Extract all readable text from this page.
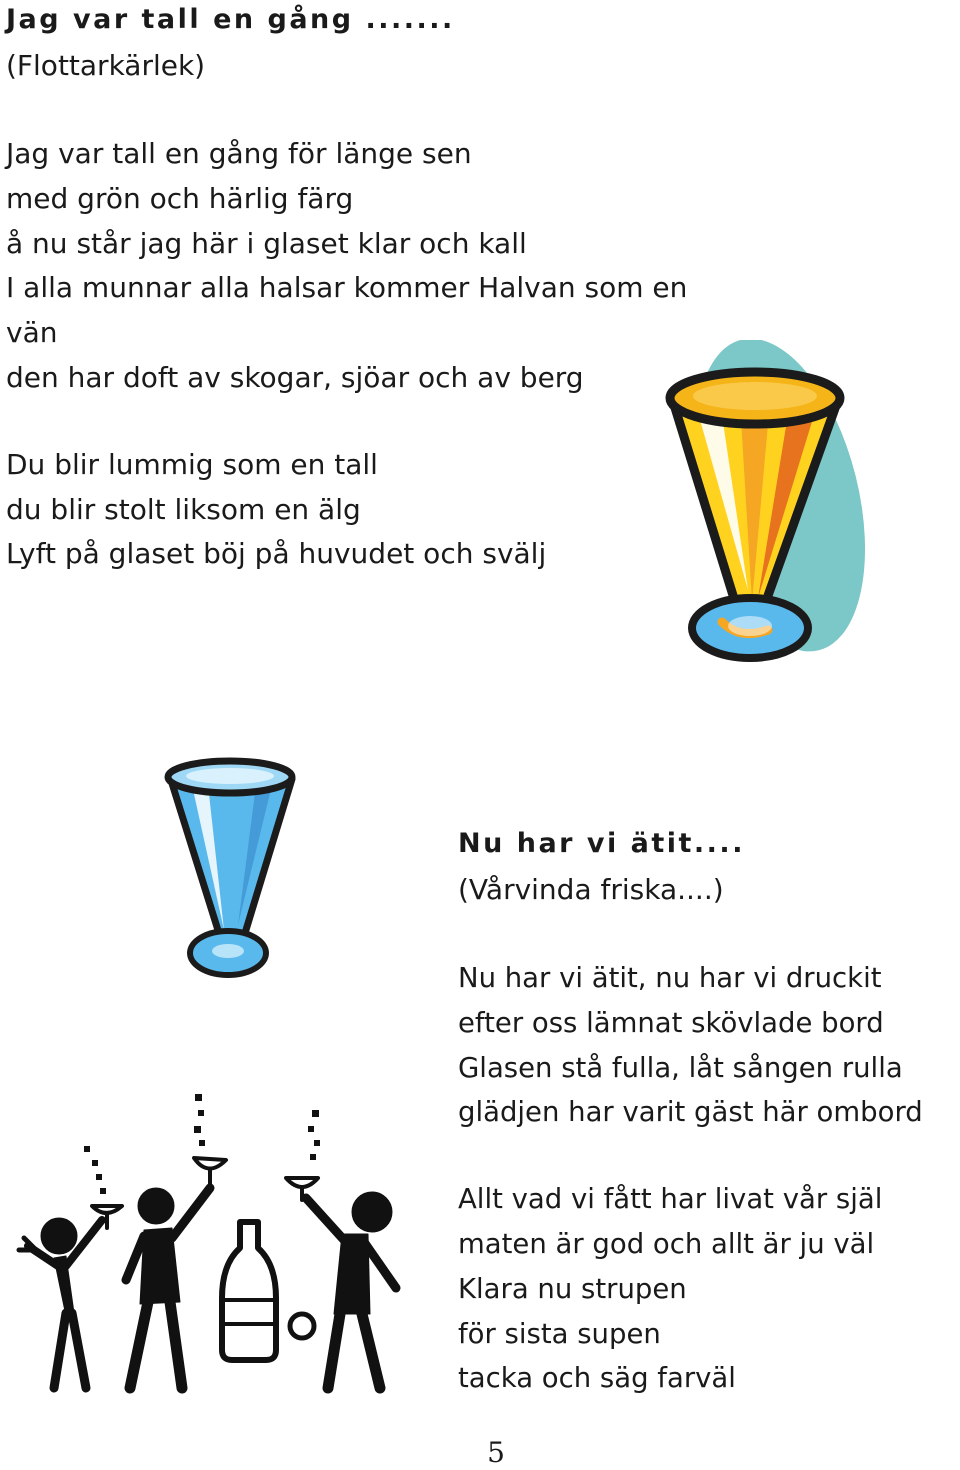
Jag var tall en gång .......
(Flottarkärlek)
Jag var tall en gång för länge sen
med grön och härlig färg
å nu står jag här i glaset klar och kall
I alla munnar alla halsar kommer Halvan som en
vän
den har doft av skogar, sjöar och av berg
Du blir lummig som en tall
du blir stolt liksom en älg
Lyft på glaset böj på huvudet och svälj
Nu har vi ätit....
(Vårvinda friska....)
Nu har vi ätit, nu har vi druckit
efter oss lämnat skövlade bord
Glasen stå fulla, låt sången rulla
glädjen har varit gäst här ombord
Allt vad vi fått har livat vår själ
maten är god och allt är ju väl
Klara nu strupen
för sista supen
tacka och säg farväl
5
